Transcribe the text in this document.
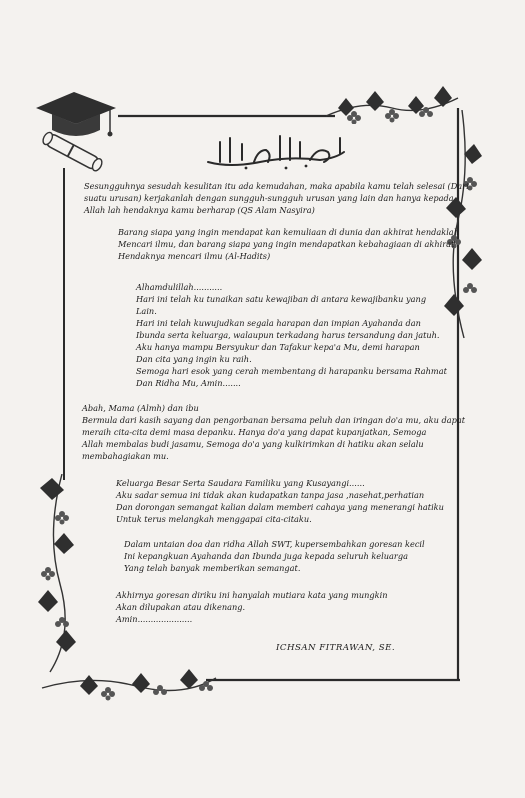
Sesungguhnya sesudah kesulitan itu ada kemudahan, maka apabila kamu telah selesai (Dari
suatu urusan) kerjakanlah dengan sungguh-sungguh urusan yang lain dan hanya kepada
Allah lah hendaknya kamu berharap (QS Alam Nasyira)
Barang siapa yang ingin mendapat kan kemuliaan di dunia dan akhirat hendaklah
Mencari ilmu, dan barang siapa yang ingin mendapatkan kebahagiaan di akhirat
Hendaknya mencari ilmu (Al-Hadits)
Alhamdulillah...........
Hari ini telah ku tunaikan satu kewajiban di antara kewajibanku yang
Lain.
Hari ini telah kuwujudkan segala harapan dan impian Ayahanda dan
Ibunda serta keluarga, walaupun terkadang harus tersandung dan jatuh.
Aku hanya mampu Bersyukur dan Tafakur kepa'a Mu, demi harapan
Dan cita yang ingin ku raih.
Semoga hari esok yang cerah membentang di harapanku bersama Rahmat
Dan Ridha Mu, Amin.......
Abah, Mama (Almh) dan ibu
Bermula dari kasih sayang dan pengorbanan bersama peluh dan iringan do'a mu, aku dapat
meraih cita-cita demi masa depanku. Hanya do'a yang dapat kupanjatkan, Semoga
Allah membalas budi jasamu, Semoga do'a yang kulkirimkan di hatiku akan selalu
membahagiakan mu.
Keluarga Besar Serta Saudara Familiku yang Kusayangi......
Aku sadar semua ini tidak akan kudapatkan tanpa jasa ,nasehat,perhatian
Dan dorongan semangat kalian dalam memberi cahaya yang menerangi hatiku
Untuk terus melangkah menggapai cita-citaku.
Dalam untaian doa dan ridha Allah SWT, kupersembahkan goresan kecil
Ini kepangkuan Ayahanda dan Ibunda juga kepada seluruh keluarga
Yang telah banyak memberikan semangat.
Akhirnya goresan diriku ini hanyalah mutiara kata yang mungkin
Akan dilupakan atau dikenang.
Amin.....................
ICHSAN FITRAWAN, SE.
